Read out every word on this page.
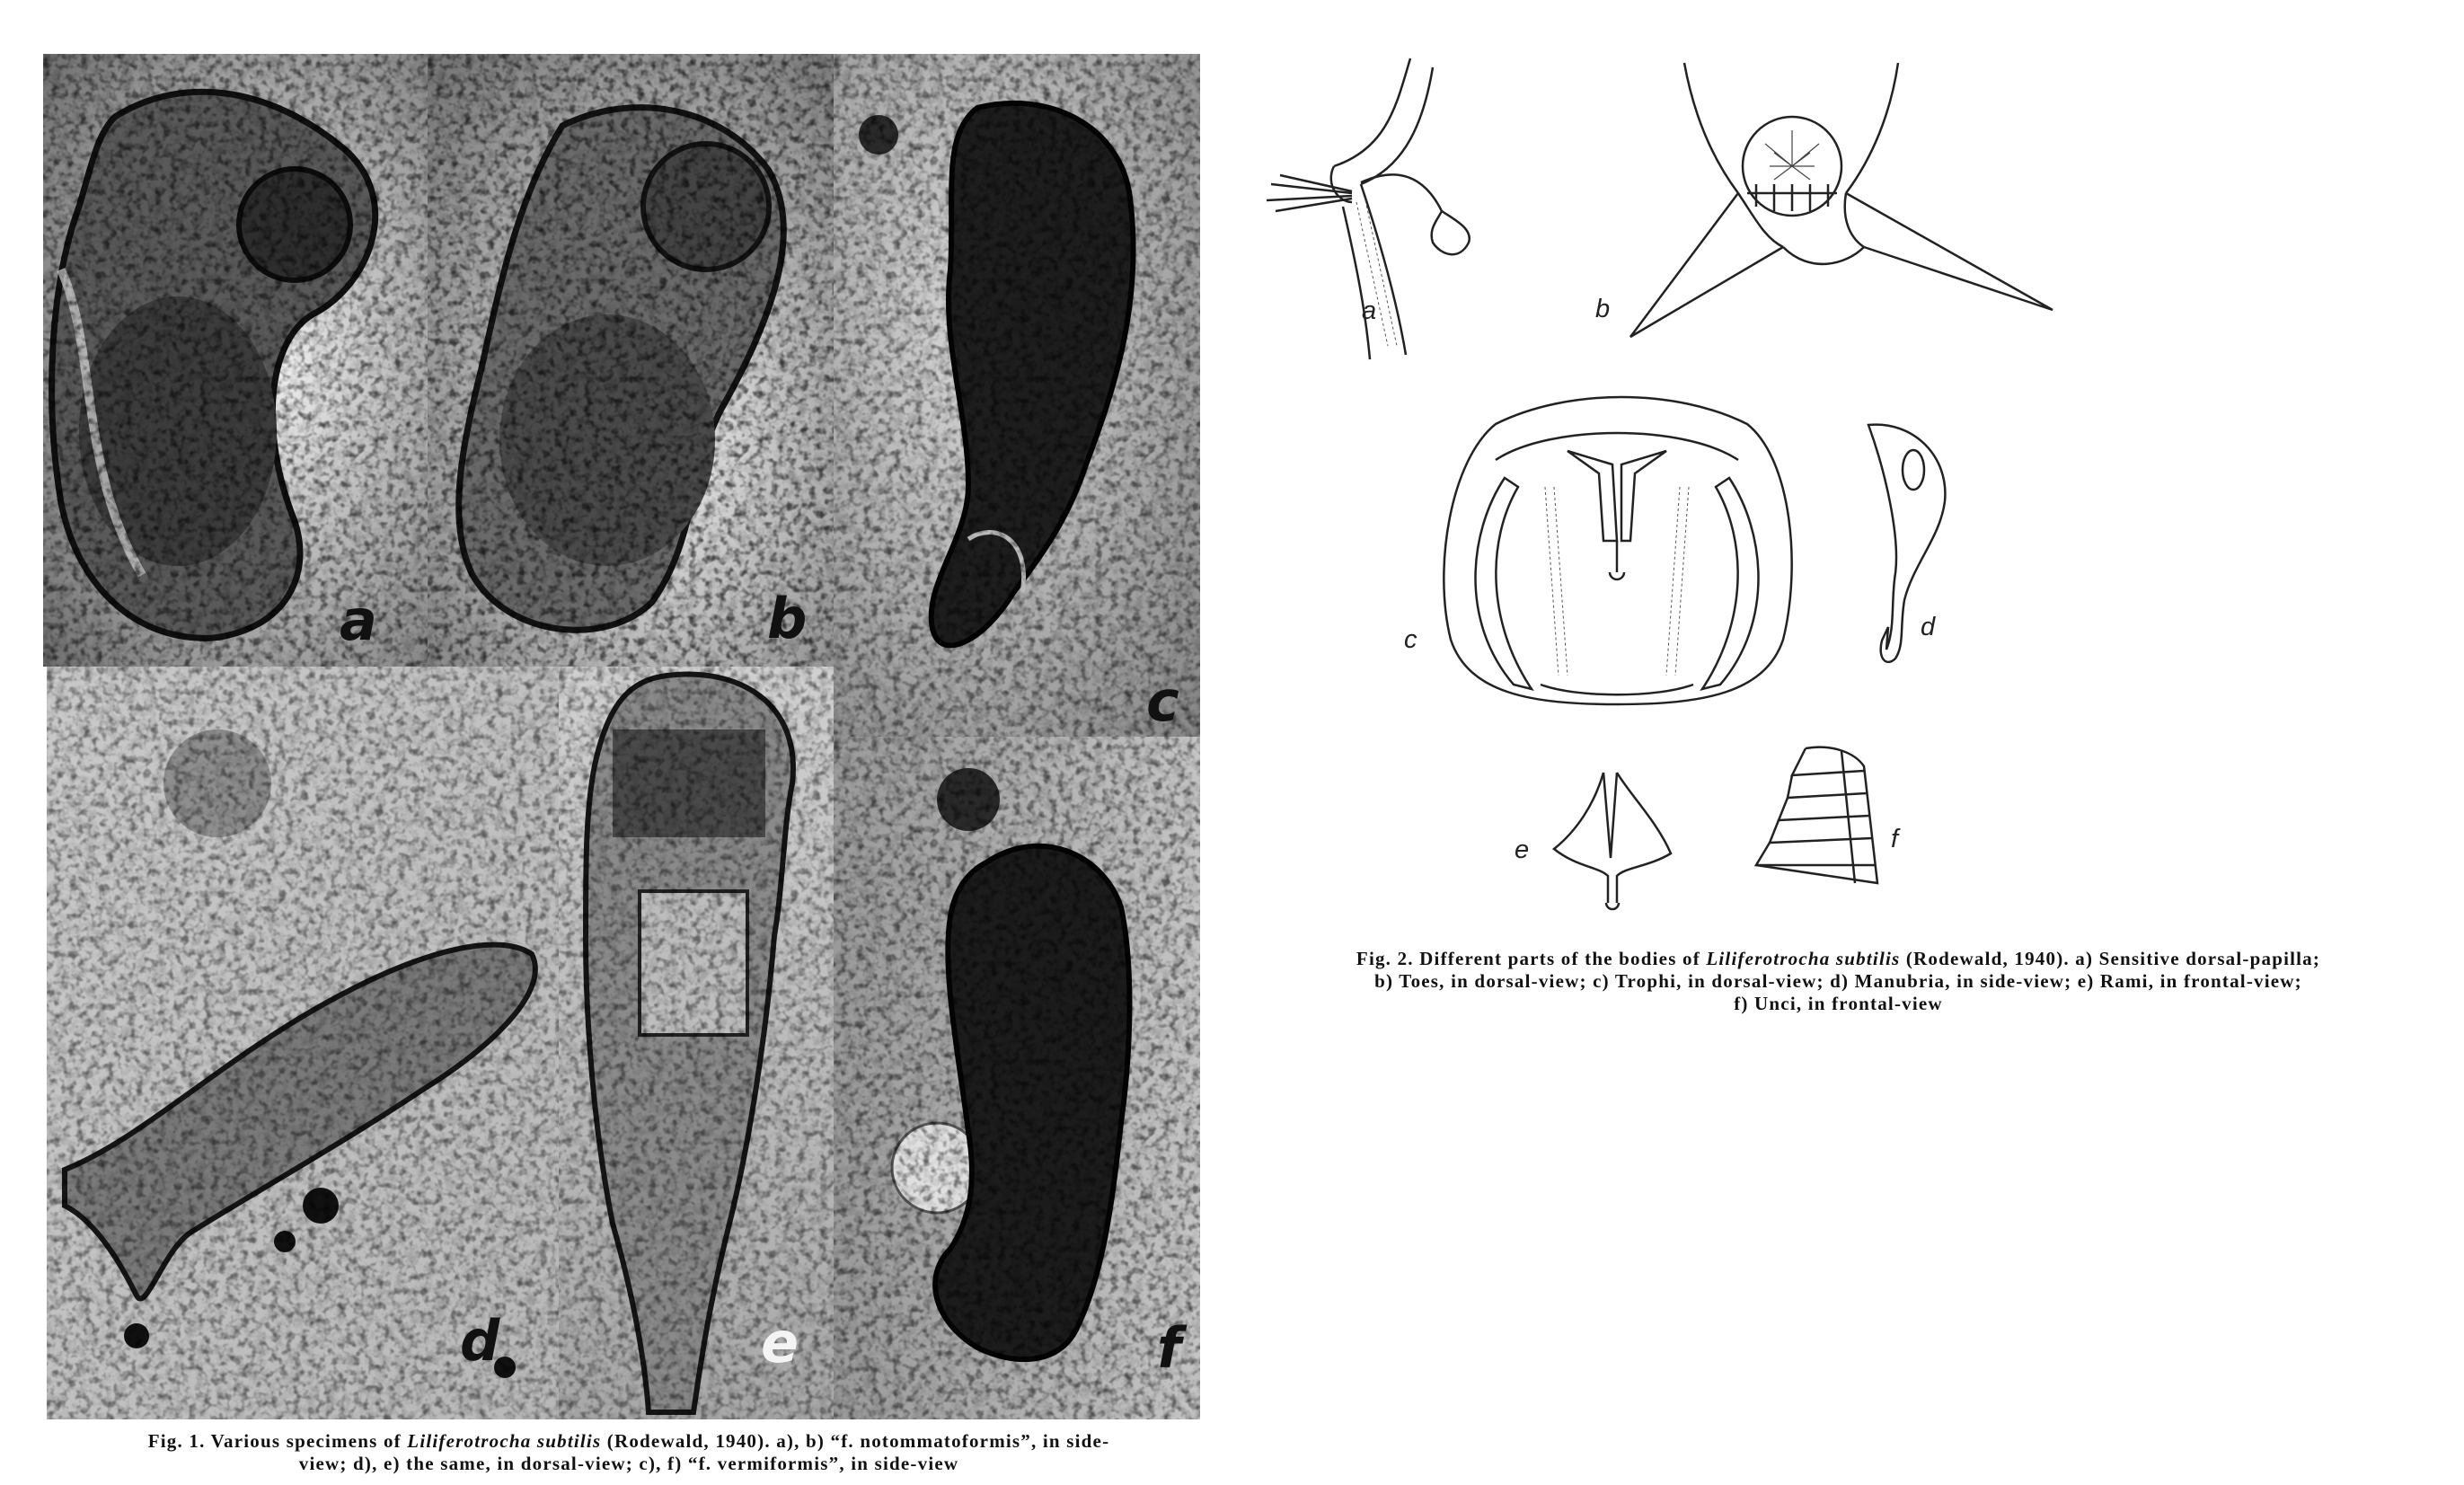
a	b
c
d	e	f
Fig. 1. Various specimens of Liliferotrocha subtilis (Rodewald, 1940). a), b) “f. notommatoformis”, in side-
view; d), e) the same, in dorsal-view; c), f) “f. vermiformis”, in side-view
a	b
c	d
e	f
Fig. 2. Different parts of the bodies of Liliferotrocha subtilis (Rodewald, 1940). a) Sensitive dorsal-papilla;
b) Toes, in dorsal-view; c) Trophi, in dorsal-view; d) Manubria, in side-view; e) Rami, in frontal-view;
f) Unci, in frontal-view
